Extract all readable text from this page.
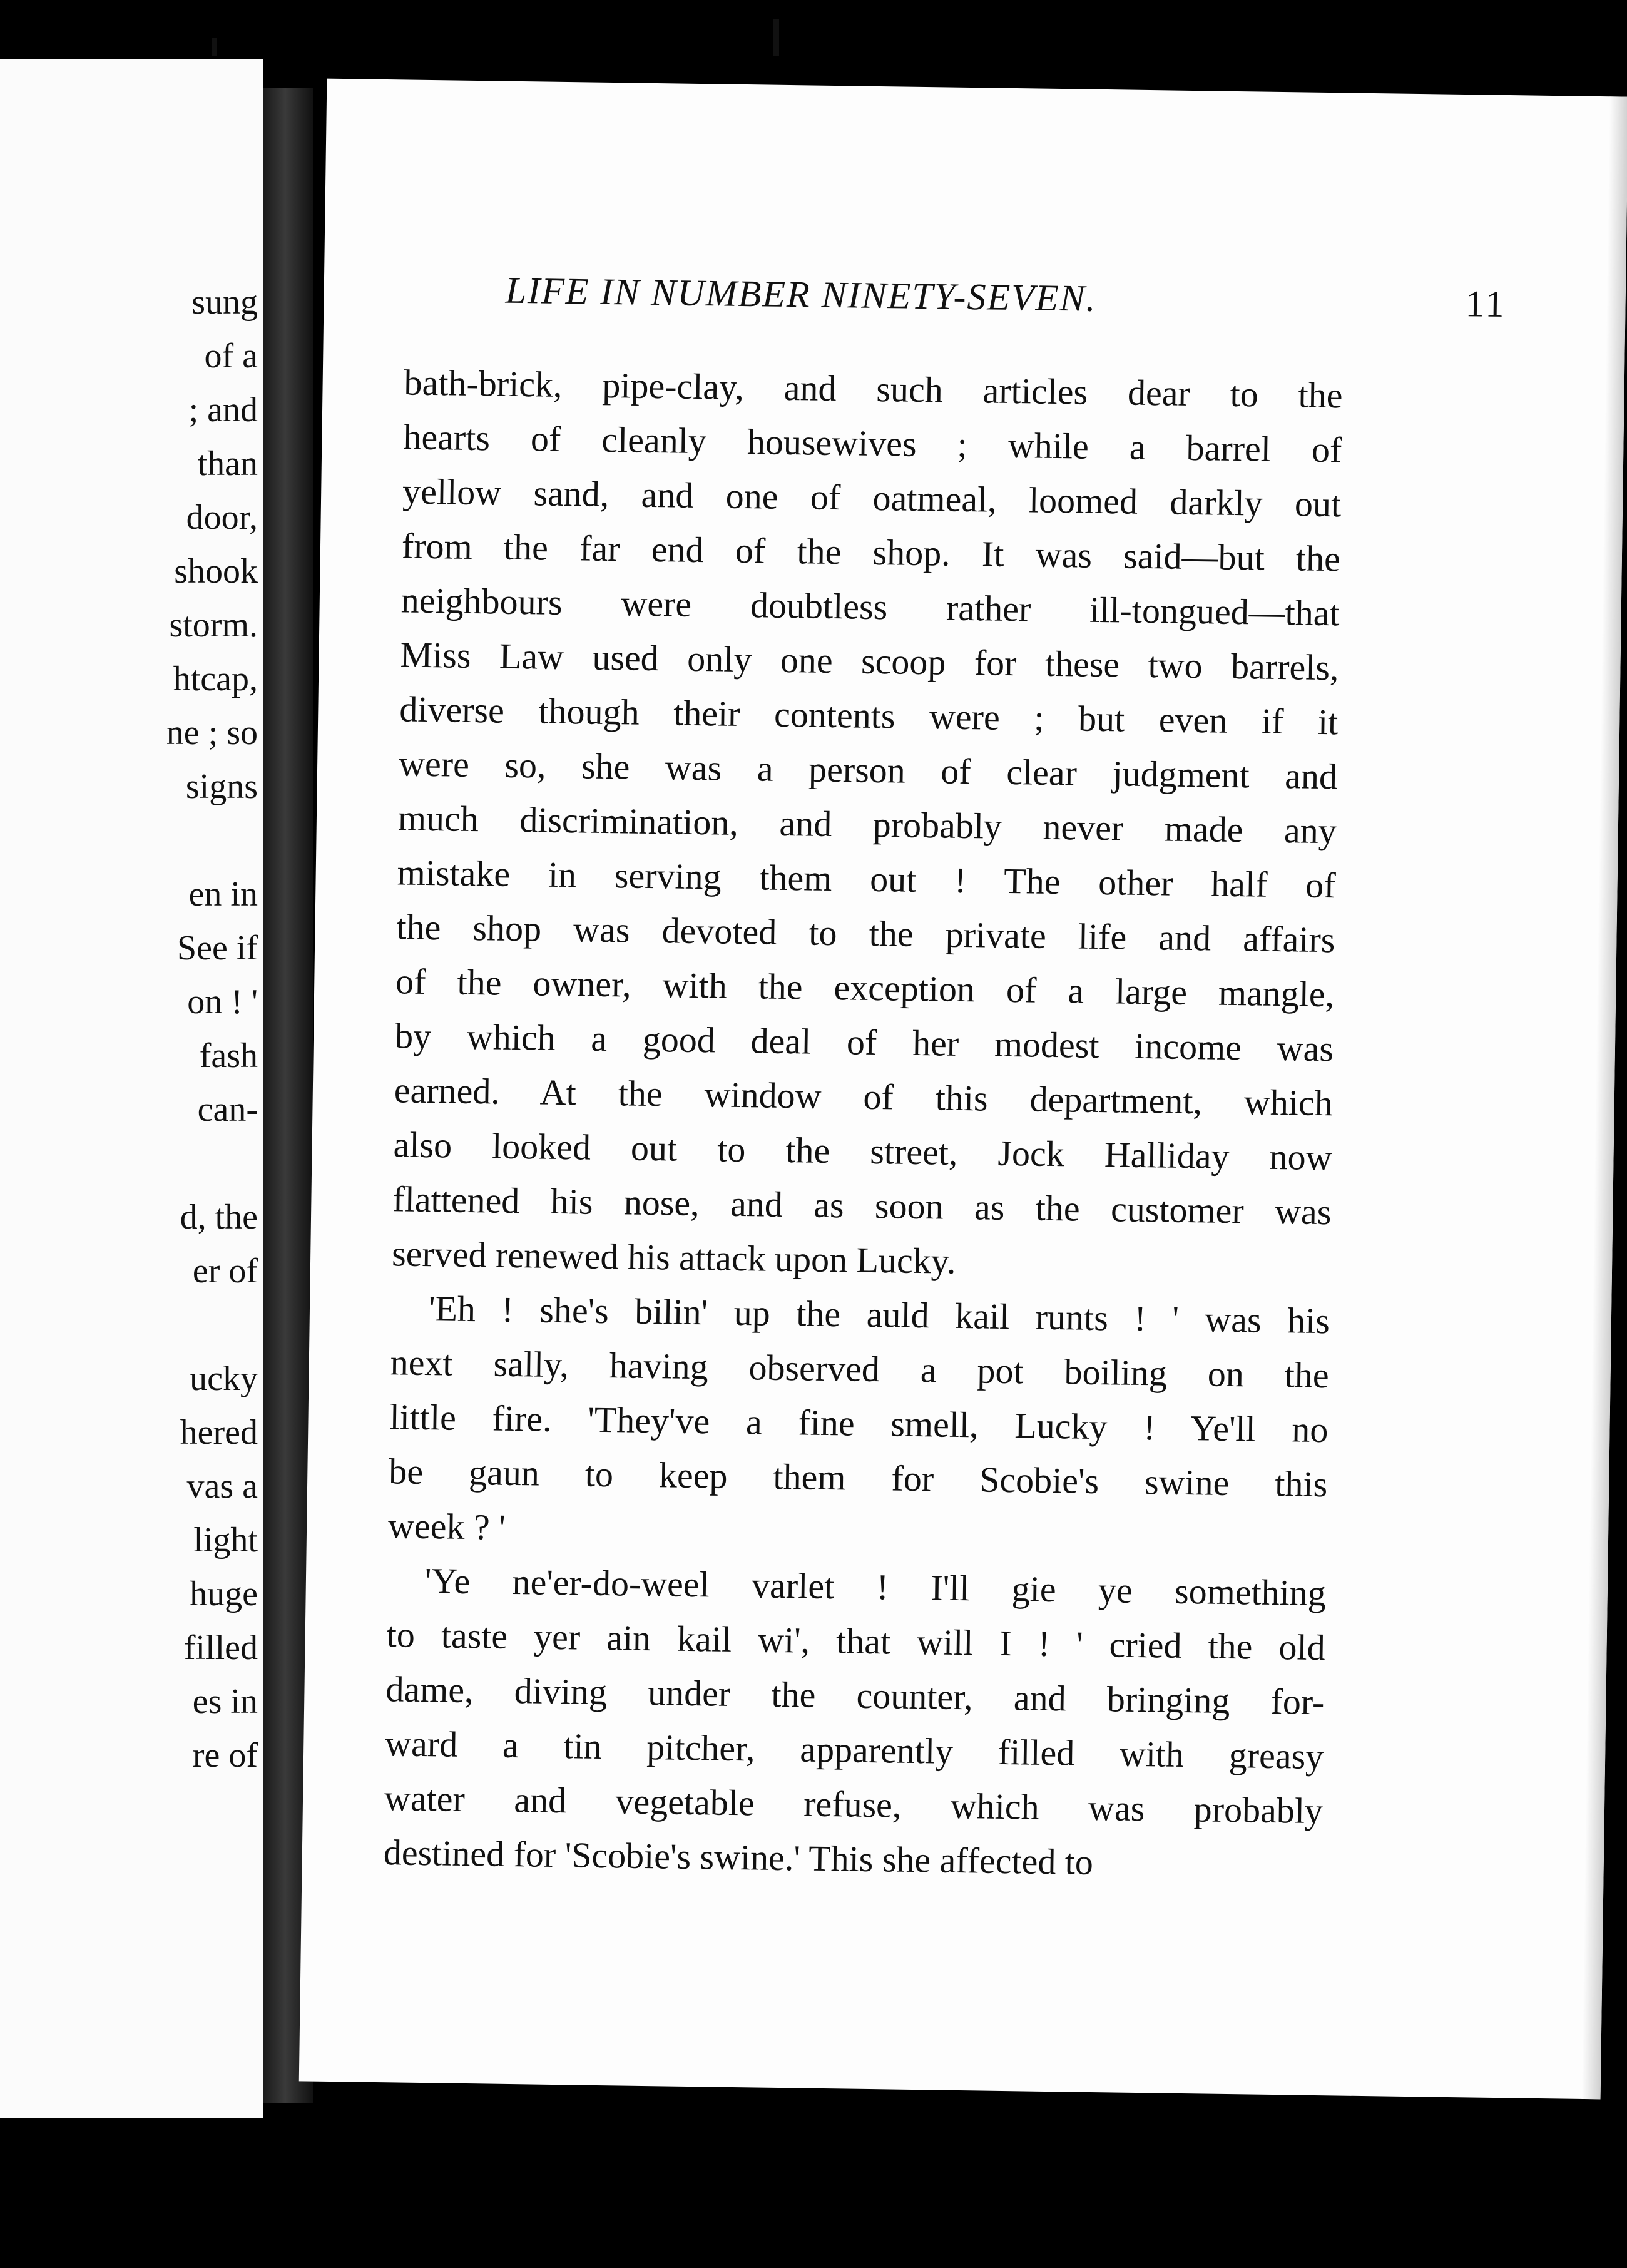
sung
of a
; and
than
door,
shook
storm.
htcap,
ne ; so
signs
en in
See if
on ! '
fash
can-
d, the
er of
ucky
hered
vas a
light
huge
filled
es in
re of
LIFE IN NUMBER NINETY-SEVEN.	11

bath-brick, pipe-clay, and such articles dear to the
hearts of cleanly housewives ; while a barrel of
yellow sand, and one of oatmeal, loomed darkly out
from the far end of the shop. It was said—but the
neighbours were doubtless rather ill-tongued—that
Miss Law used only one scoop for these two barrels,
diverse though their contents were ; but even if it
were so, she was a person of clear judgment and
much discrimination, and probably never made any
mistake in serving them out ! The other half of
the shop was devoted to the private life and affairs
of the owner, with the exception of a large mangle,
by which a good deal of her modest income was
earned. At the window of this department, which
also looked out to the street, Jock Halliday now
flattened his nose, and as soon as the customer was
served renewed his attack upon Lucky.

'Eh ! she's bilin' up the auld kail runts ! ' was his
next sally, having observed a pot boiling on the
little fire. 'They've a fine smell, Lucky ! Ye'll no
be gaun to keep them for Scobie's swine this
week ? '

'Ye ne'er-do-weel varlet ! I'll gie ye something
to taste yer ain kail wi', that will I ! ' cried the old
dame, diving under the counter, and bringing for-
ward a tin pitcher, apparently filled with greasy
water and vegetable refuse, which was probably
destined for 'Scobie's swine.' This she affected to
